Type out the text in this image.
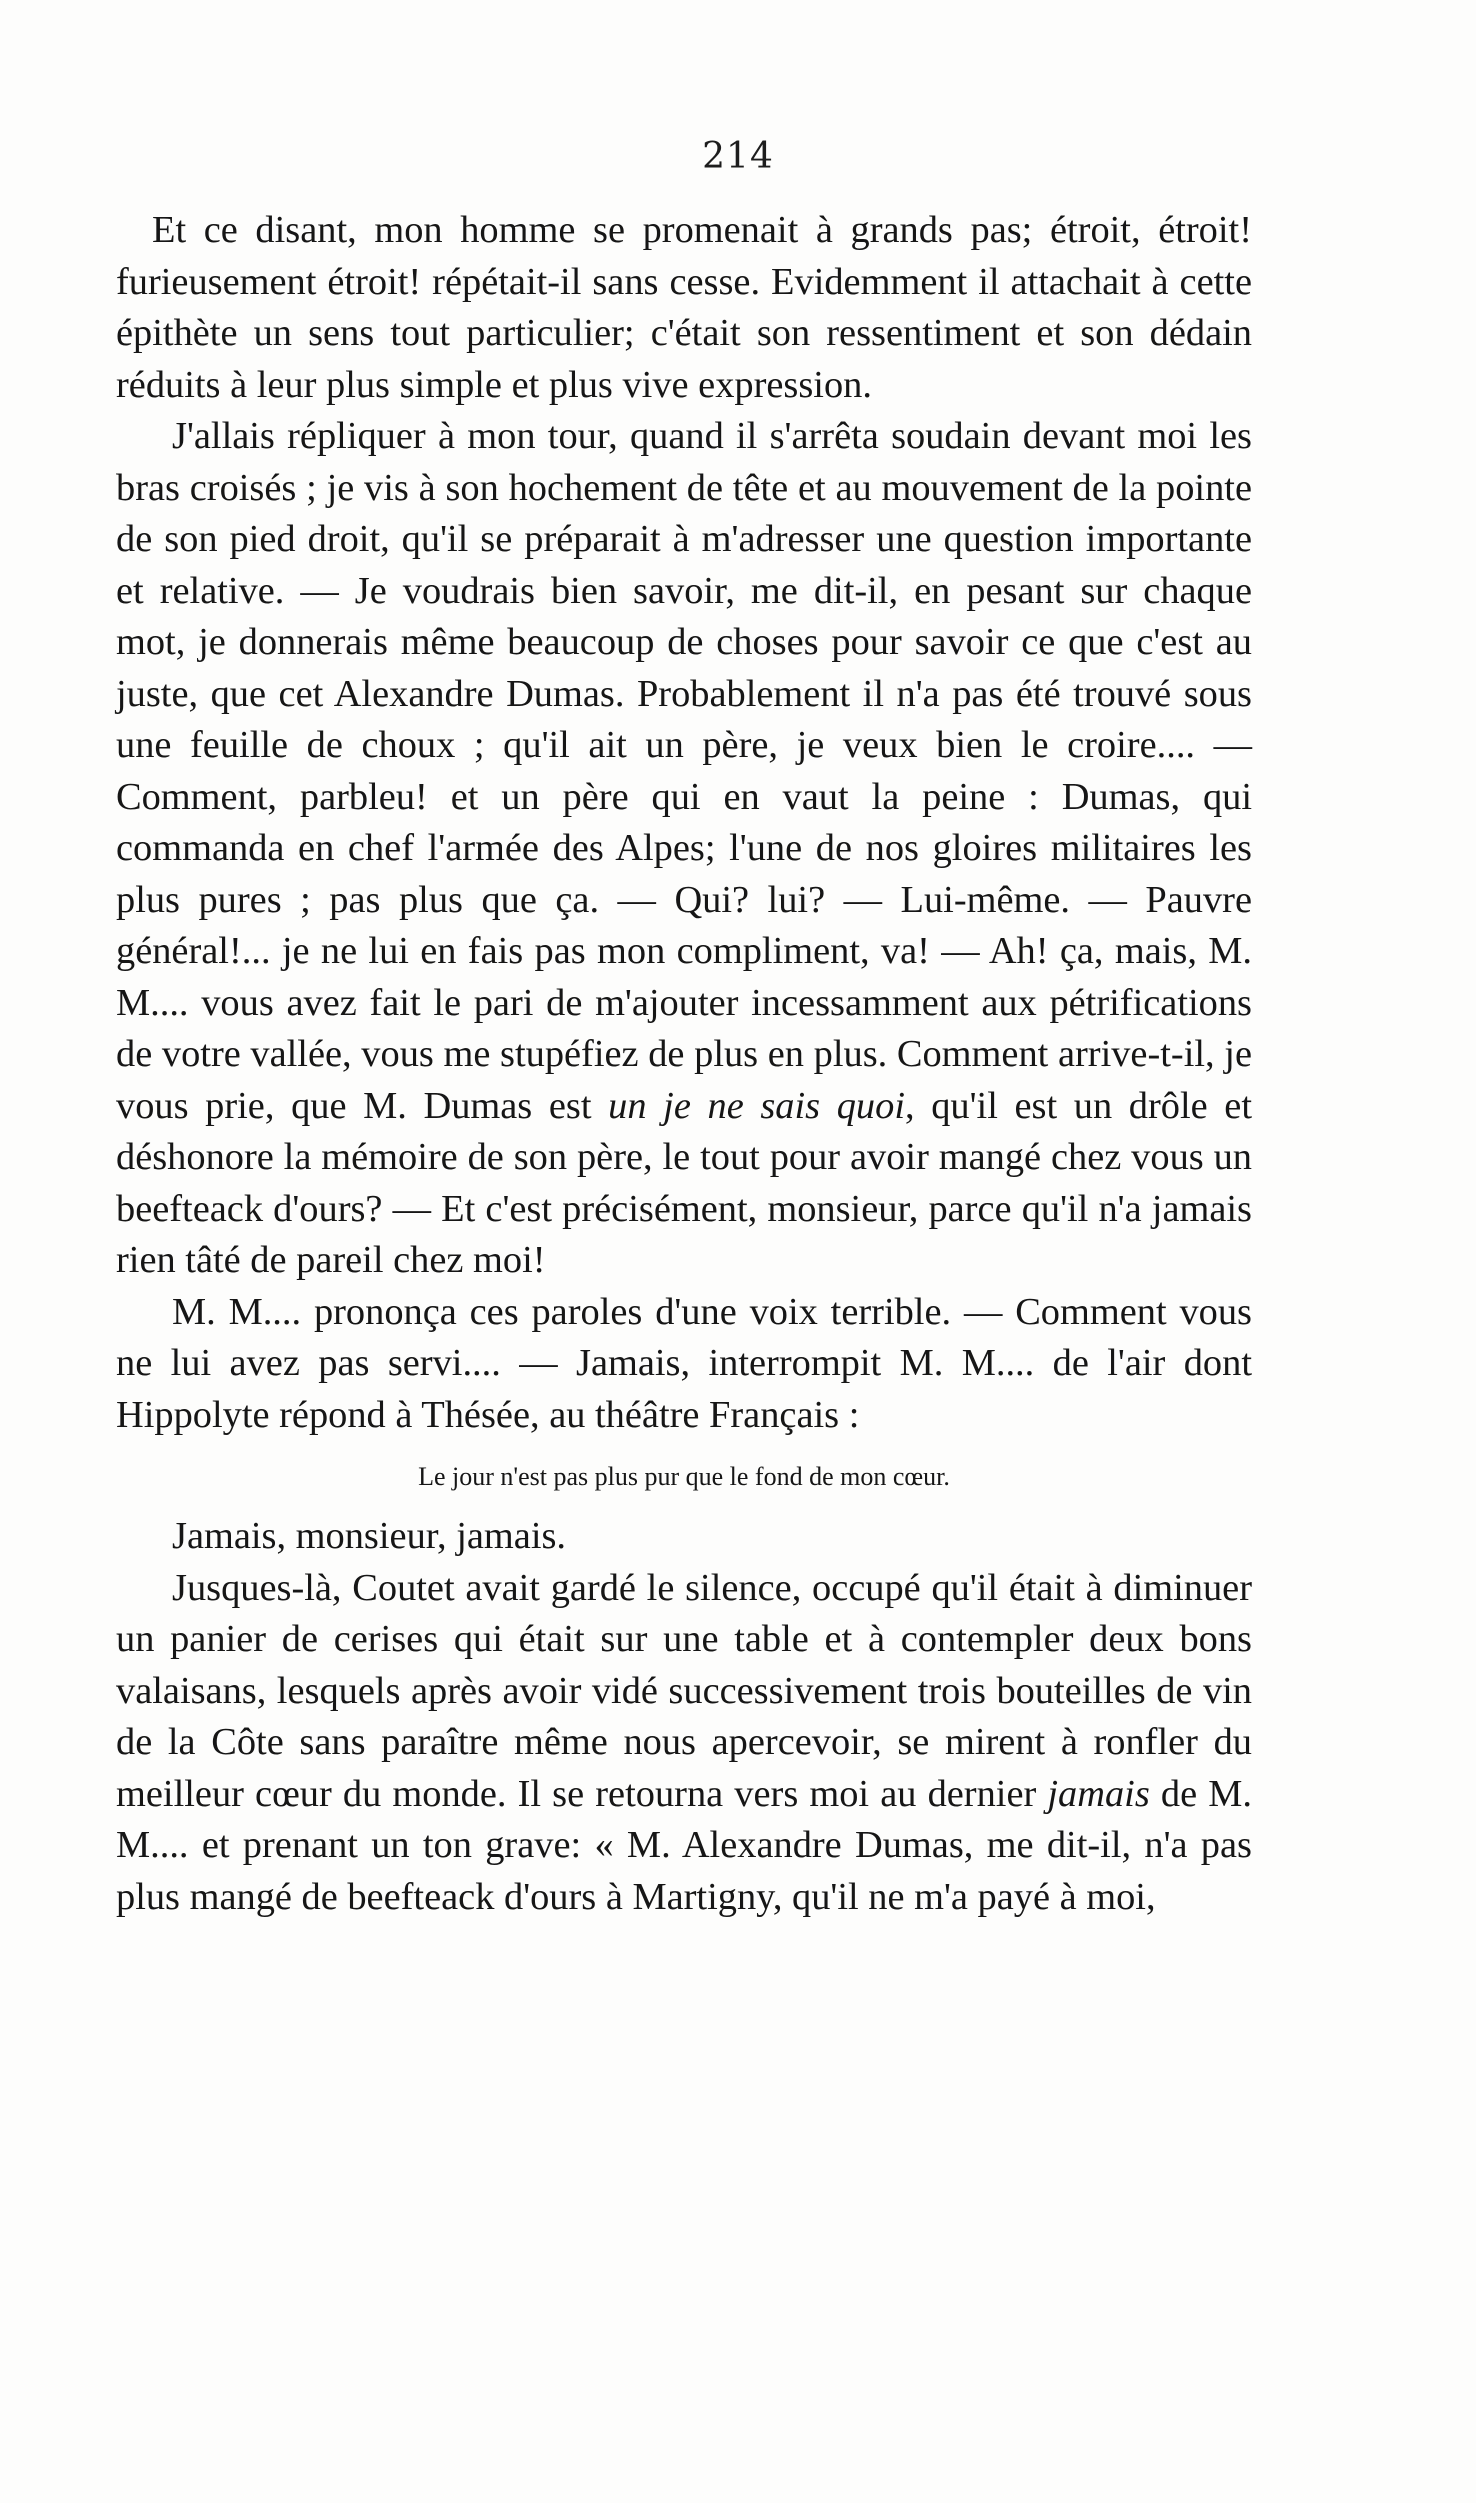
214

Et ce disant, mon homme se promenait à grands pas; étroit, étroit! furieusement étroit! répétait-il sans cesse. Evidemment il attachait à cette épithète un sens tout particulier; c'était son ressentiment et son dédain réduits à leur plus simple et plus vive expression.

J'allais répliquer à mon tour, quand il s'arrêta soudain devant moi les bras croisés ; je vis à son hochement de tête et au mouvement de la pointe de son pied droit, qu'il se préparait à m'adresser une question importante et relative. — Je voudrais bien savoir, me dit-il, en pesant sur chaque mot, je donnerais même beaucoup de choses pour savoir ce que c'est au juste, que cet Alexandre Dumas. Probablement il n'a pas été trouvé sous une feuille de choux ; qu'il ait un père, je veux bien le croire.... — Comment, parbleu! et un père qui en vaut la peine : Dumas, qui commanda en chef l'armée des Alpes; l'une de nos gloires militaires les plus pures ; pas plus que ça. — Qui? lui? — Lui-même. — Pauvre général!... je ne lui en fais pas mon compliment, va! — Ah! ça, mais, M. M.... vous avez fait le pari de m'ajouter incessamment aux pétrifications de votre vallée, vous me stupéfiez de plus en plus. Comment arrive-t-il, je vous prie, que M. Dumas est un je ne sais quoi, qu'il est un drôle et déshonore la mémoire de son père, le tout pour avoir mangé chez vous un beefteack d'ours? — Et c'est précisément, monsieur, parce qu'il n'a jamais rien tâté de pareil chez moi!

M. M.... prononça ces paroles d'une voix terrible. — Comment vous ne lui avez pas servi.... — Jamais, interrompit M. M.... de l'air dont Hippolyte répond à Thésée, au théâtre Français :

Le jour n'est pas plus pur que le fond de mon cœur.

Jamais, monsieur, jamais.

Jusques-là, Coutet avait gardé le silence, occupé qu'il était à diminuer un panier de cerises qui était sur une table et à contempler deux bons valaisans, lesquels après avoir vidé successivement trois bouteilles de vin de la Côte sans paraître même nous apercevoir, se mirent à ronfler du meilleur cœur du monde. Il se retourna vers moi au dernier jamais de M. M.... et prenant un ton grave: « M. Alexandre Dumas, me dit-il, n'a pas plus mangé de beefteack d'ours à Martigny, qu'il ne m'a payé à moi,
